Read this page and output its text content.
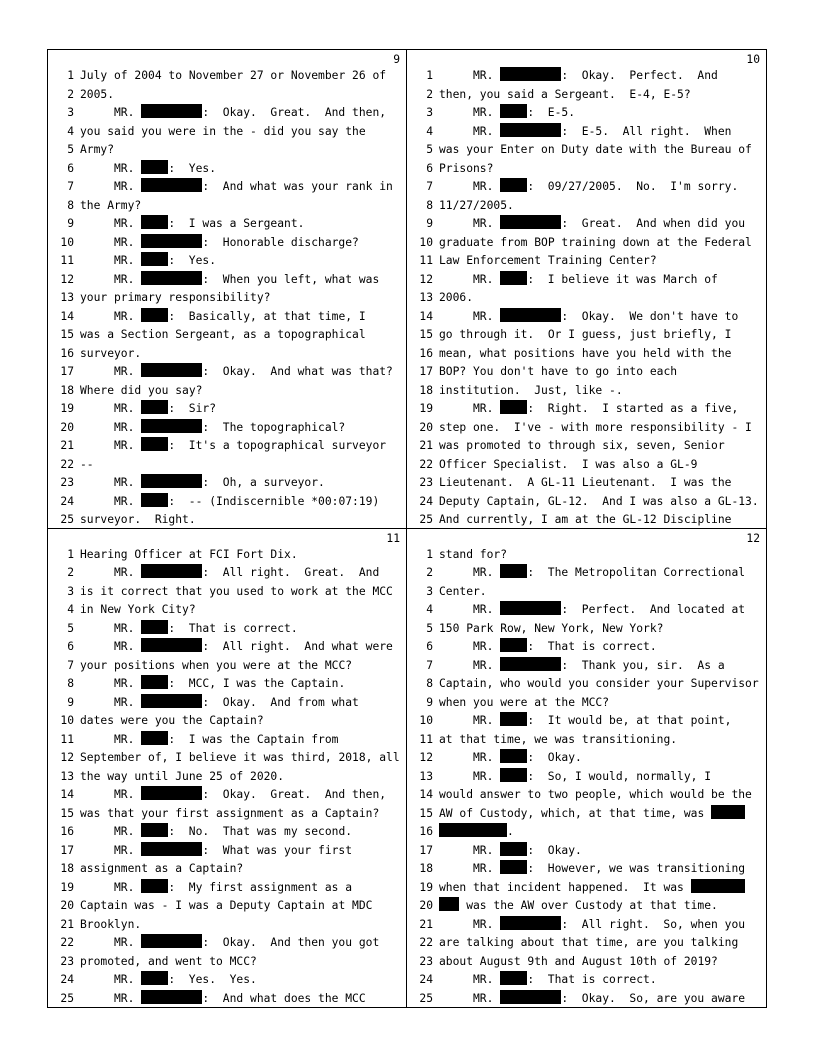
9
1 July of 2004 to November 27 or November 26 of
2 2005.
3 MR.	:  Okay.  Great.  And then,
4 you said you were in the - did you say the
5 Army?
6 MR. :  Yes.
7 MR.	:  And what was your rank in
8 the Army?
9 MR. :  I was a Sergeant.
10 MR.	:  Honorable discharge?
11 MR. :  Yes.
12 MR.	:  When you left, what was
13 your primary responsibility?
14 MR. :  Basically, at that time, I
15 was a Section Sergeant, as a topographical
16 surveyor.
17 MR.	:  Okay.  And what was that?
18 Where did you say?
19 MR. :  Sir?
20 MR.	:  The topographical?
21 MR. :  It's a topographical surveyor
22 --
23 MR.	:  Oh, a surveyor.
24 MR. :  -- (Indiscernible *00:07:19)
25 surveyor.  Right.
10
1 MR.	:  Okay.  Perfect.  And
2 then, you said a Sergeant.  E-4, E-5?
3 MR. :  E-5.
4 MR.	:  E-5.  All right.  When
5 was your Enter on Duty date with the Bureau of
6 Prisons?
7 MR. :  09/27/2005.  No.  I'm sorry.
8 11/27/2005.
9 MR.	:  Great.  And when did you
10 graduate from BOP training down at the Federal
11 Law Enforcement Training Center?
12 MR. :  I believe it was March of
13 2006.
14 MR.	:  Okay.  We don't have to
15 go through it.  Or I guess, just briefly, I
16 mean, what positions have you held with the
17 BOP? You don't have to go into each
18 institution.  Just, like -.
19 MR. :  Right.  I started as a five,
20 step one.  I've - with more responsibility - I
21 was promoted to through six, seven, Senior
22 Officer Specialist.  I was also a GL-9
23 Lieutenant.  A GL-11 Lieutenant.  I was the
24 Deputy Captain, GL-12.  And I was also a GL-13.
25 And currently, I am at the GL-12 Discipline
11
1 Hearing Officer at FCI Fort Dix.
2 MR.	:  All right.  Great.  And
3 is it correct that you used to work at the MCC
4 in New York City?
5 MR. :  That is correct.
6 MR.	:  All right.  And what were
7 your positions when you were at the MCC?
8 MR. :  MCC, I was the Captain.
9 MR.	:  Okay.  And from what
10 dates were you the Captain?
11 MR. :  I was the Captain from
12 September of, I believe it was third, 2018, all
13 the way until June 25 of 2020.
14 MR.	:  Okay.  Great.  And then,
15 was that your first assignment as a Captain?
16 MR. :  No.  That was my second.
17 MR.	:  What was your first
18 assignment as a Captain?
19 MR. :  My first assignment as a
20 Captain was - I was a Deputy Captain at MDC
21 Brooklyn.
22 MR.	:  Okay.  And then you got
23 promoted, and went to MCC?
24 MR. :  Yes.  Yes.
25 MR.	:  And what does the MCC
12
1 stand for?
2 MR. :  The Metropolitan Correctional
3 Center.
4 MR.	:  Perfect.  And located at
5 150 Park Row, New York, New York?
6 MR. :  That is correct.
7 MR.	:  Thank you, sir.  As a
8 Captain, who would you consider your Supervisor
9 when you were at the MCC?
10 MR. :  It would be, at that point,
11 at that time, we was transitioning.
12 MR. :  Okay.
13 MR. :  So, I would, normally, I
14 would answer to two people, which would be the
15 AW of Custody, which, at that time, was
16	.
17 MR. :  Okay.
18 MR. :  However, we was transitioning
19 when that incident happened.  It was
20	was the AW over Custody at that time.
21 MR.	:  All right.  So, when you
22 are talking about that time, are you talking
23 about August 9th and August 10th of 2019?
24 MR. :  That is correct.
25 MR.	:  Okay.  So, are you aware
